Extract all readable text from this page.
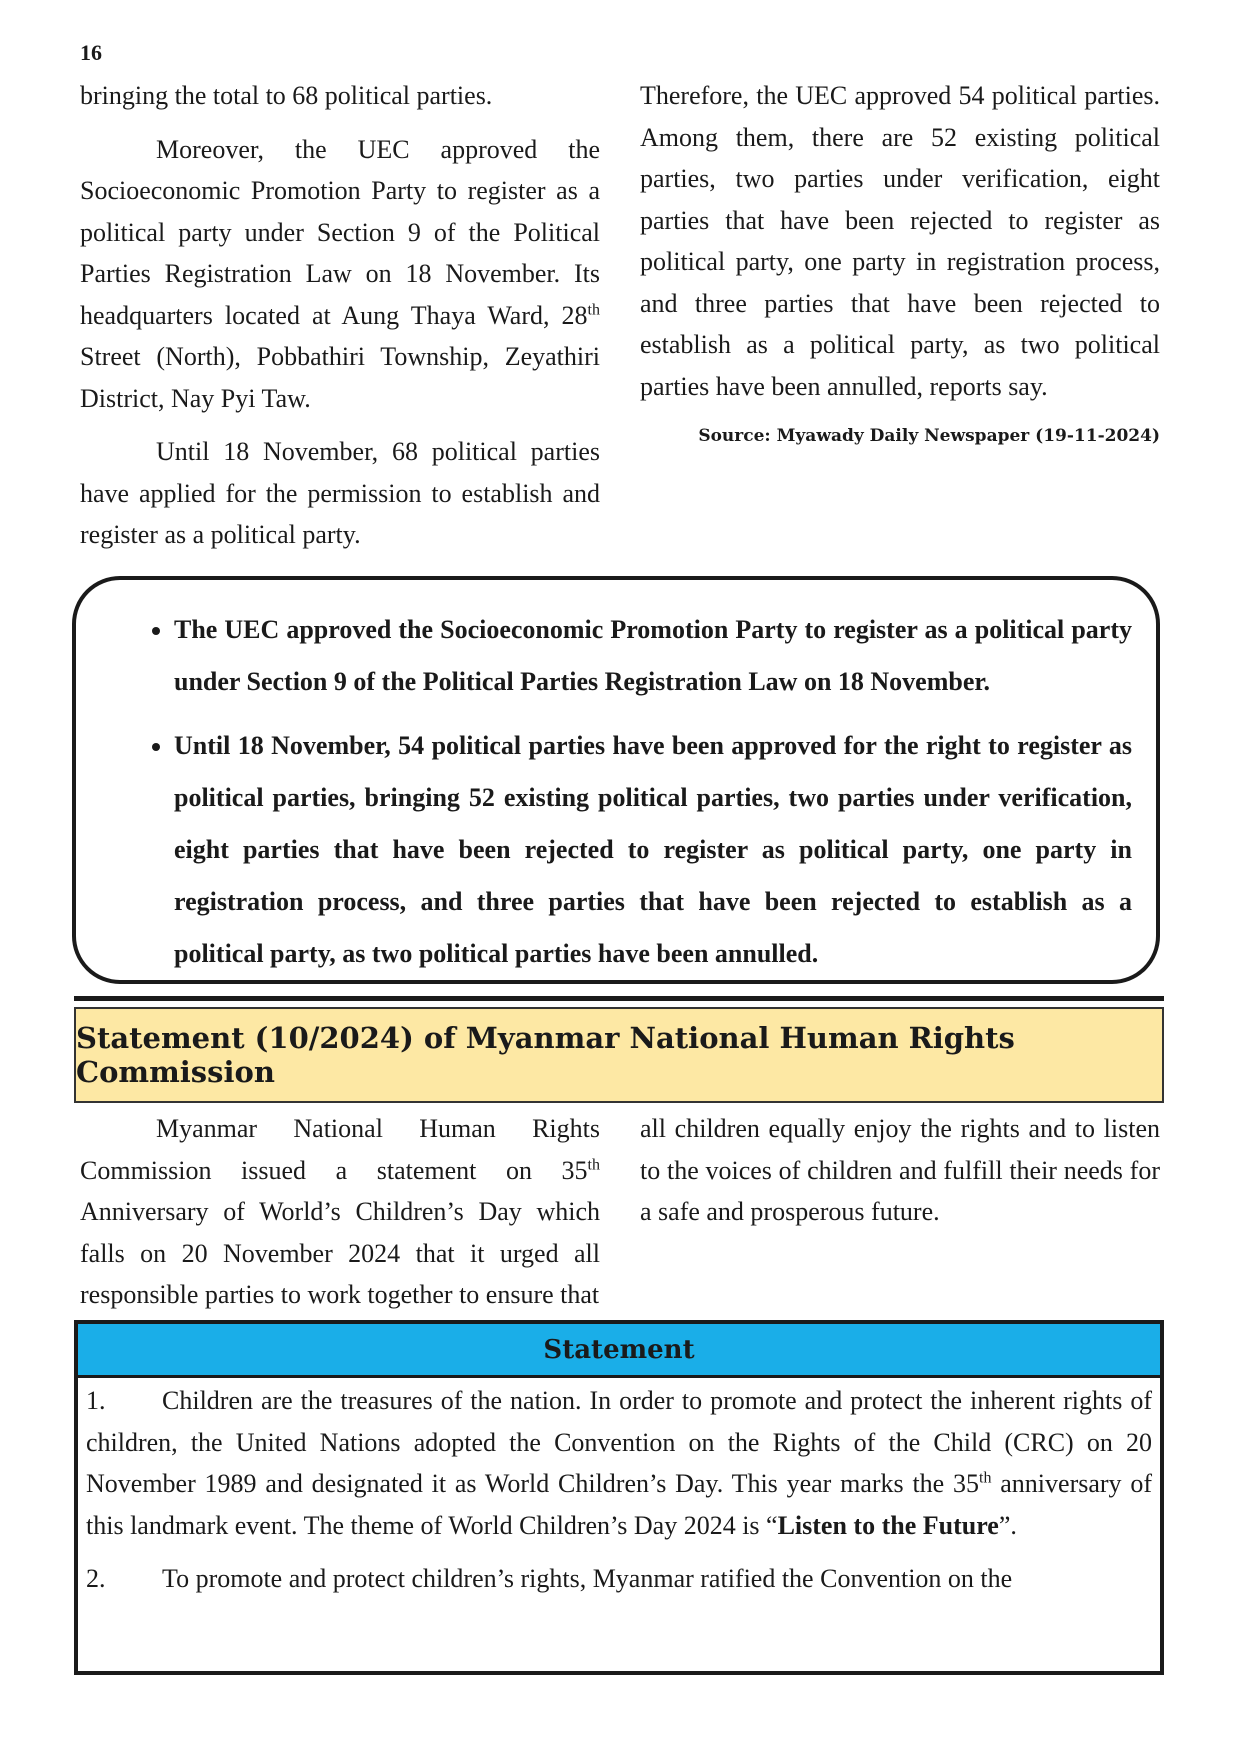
16

bringing the total to 68 political parties.

Moreover, the UEC approved the Socioeconomic Promotion Party to register as a political party under Section 9 of the Political Parties Registration Law on 18 November. Its headquarters located at Aung Thaya Ward, 28th Street (North), Pobbathiri Township, Zeyathiri District, Nay Pyi Taw.

Until 18 November, 68 political parties have applied for the permission to establish and register as a political party.

Therefore, the UEC approved 54 political parties. Among them, there are 52 existing political parties, two parties under verification, eight parties that have been rejected to register as political party, one party in registration process, and three parties that have been rejected to establish as a political party, as two political parties have been annulled, reports say.

Source: Myawady Daily Newspaper (19-11-2024)
• The UEC approved the Socioeconomic Promotion Party to register as a political party under Section 9 of the Political Parties Registration Law on 18 November.
• Until 18 November, 54 political parties have been approved for the right to register as political parties, bringing 52 existing political parties, two parties under verification, eight parties that have been rejected to register as political party, one party in registration process, and three parties that have been rejected to establish as a political party, as two political parties have been annulled.
Statement (10/2024) of Myanmar National Human Rights Commission

Myanmar National Human Rights Commission issued a statement on 35th Anniversary of World’s Children’s Day which falls on 20 November 2024 that it urged all responsible parties to work together to ensure that

all children equally enjoy the rights and to listen to the voices of children and fulfill their needs for a safe and prosperous future.

Statement

1. Children are the treasures of the nation. In order to promote and protect the inherent rights of children, the United Nations adopted the Convention on the Rights of the Child (CRC) on 20 November 1989 and designated it as World Children’s Day. This year marks the 35th anniversary of this landmark event. The theme of World Children’s Day 2024 is “Listen to the Future”.

2. To promote and protect children’s rights, Myanmar ratified the Convention on the
